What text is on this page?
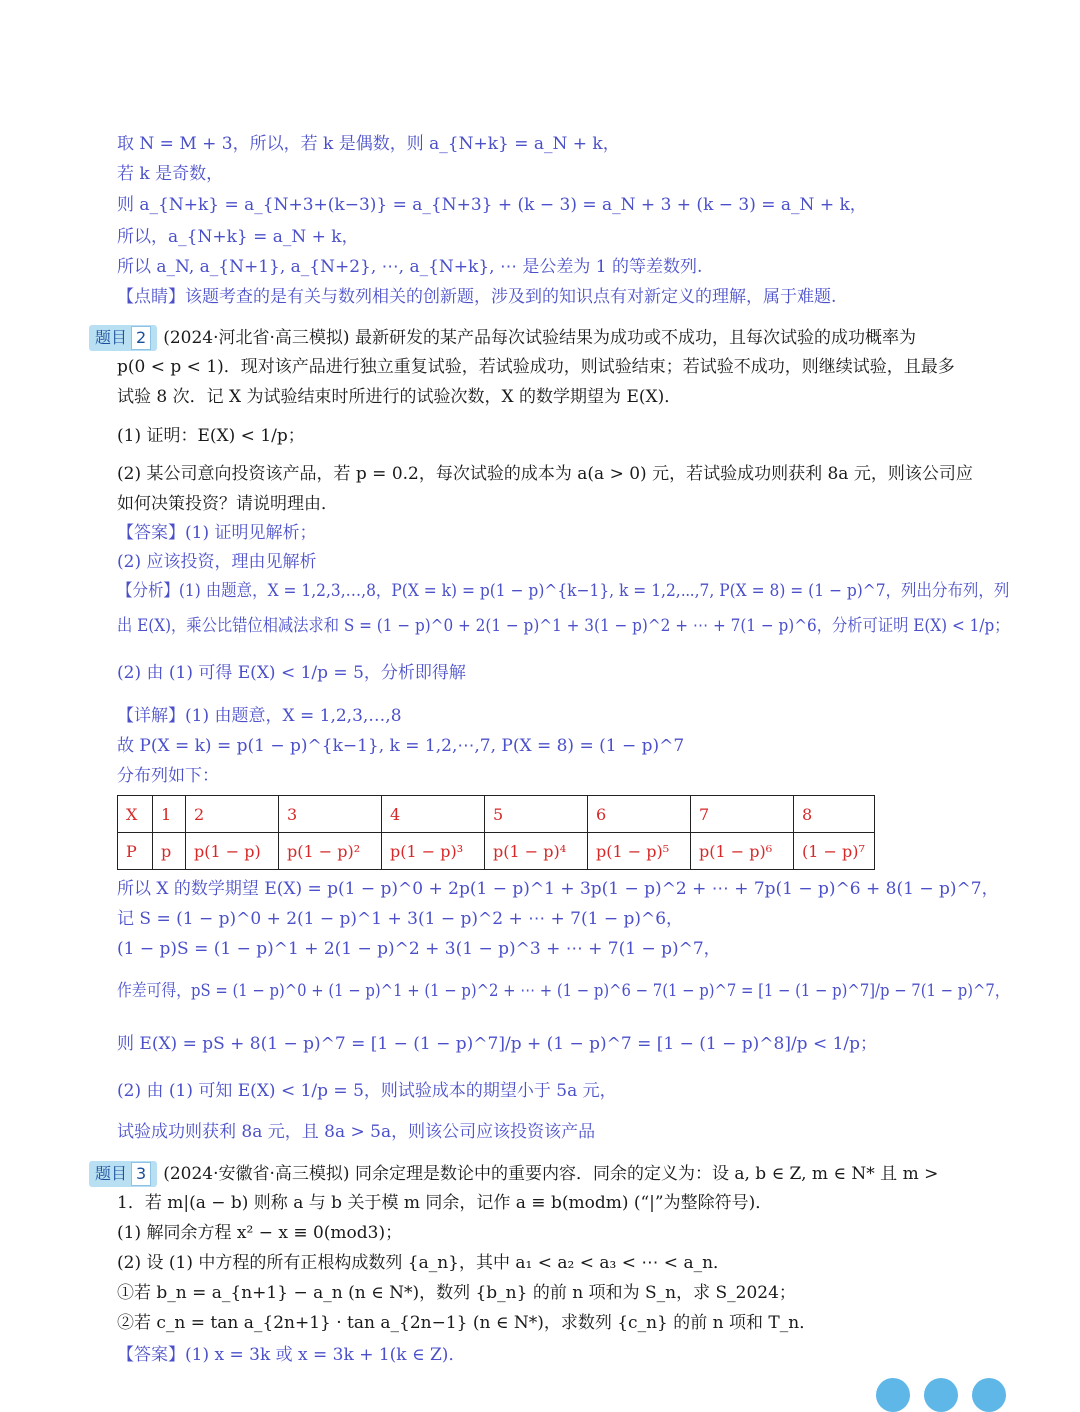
取 N = M + 3，所以，若 k 是偶数，则 a_{N+k} = a_N + k，
若 k 是奇数，
则 a_{N+k} = a_{N+3+(k−3)} = a_{N+3} + (k − 3) = a_N + 3 + (k − 3) = a_N + k，
所以，a_{N+k} = a_N + k，
所以 a_N, a_{N+1}, a_{N+2}, ⋯, a_{N+k}, ⋯ 是公差为 1 的等差数列.
【点睛】该题考查的是有关与数列相关的创新题，涉及到的知识点有对新定义的理解，属于难题.
题目 2 (2024·河北省·高三模拟) 最新研发的某产品每次试验结果为成功或不成功，且每次试验的成功概率为
p(0 < p < 1)．现对该产品进行独立重复试验，若试验成功，则试验结束；若试验不成功，则继续试验，且最多
试验 8 次．记 X 为试验结束时所进行的试验次数，X 的数学期望为 E(X)．
(1) 证明：E(X) < 1/p；
(2) 某公司意向投资该产品，若 p = 0.2，每次试验的成本为 a(a > 0) 元，若试验成功则获利 8a 元，则该公司应
如何决策投资？请说明理由．
【答案】(1) 证明见解析；
(2) 应该投资，理由见解析
【分析】(1) 由题意，X = 1,2,3,…,8，P(X = k) = p(1 − p)^{k−1}, k = 1,2,⋯,7, P(X = 8) = (1 − p)^7，列出分布列，列
出 E(X)，乘公比错位相减法求和 S = (1 − p)^0 + 2(1 − p)^1 + 3(1 − p)^2 + ⋯ + 7(1 − p)^6，分析可证明 E(X) < 1/p；
(2) 由 (1) 可得 E(X) < 1/p = 5，分析即得解
【详解】(1) 由题意，X = 1,2,3,…,8
故 P(X = k) = p(1 − p)^{k−1}, k = 1,2,⋯,7, P(X = 8) = (1 − p)^7
分布列如下：
X	1	2	3	4	5	6	7	8
P	p	p(1 − p)	p(1 − p)²	p(1 − p)³	p(1 − p)⁴	p(1 − p)⁵	p(1 − p)⁶	(1 − p)⁷
所以 X 的数学期望 E(X) = p(1 − p)^0 + 2p(1 − p)^1 + 3p(1 − p)^2 + ⋯ + 7p(1 − p)^6 + 8(1 − p)^7，
记 S = (1 − p)^0 + 2(1 − p)^1 + 3(1 − p)^2 + ⋯ + 7(1 − p)^6，
(1 − p)S = (1 − p)^1 + 2(1 − p)^2 + 3(1 − p)^3 + ⋯ + 7(1 − p)^7，
作差可得，pS = (1 − p)^0 + (1 − p)^1 + (1 − p)^2 + ⋯ + (1 − p)^6 − 7(1 − p)^7 = [1 − (1 − p)^7]/p − 7(1 − p)^7，
则 E(X) = pS + 8(1 − p)^7 = [1 − (1 − p)^7]/p + (1 − p)^7 = [1 − (1 − p)^8]/p < 1/p；
(2) 由 (1) 可知 E(X) < 1/p = 5，则试验成本的期望小于 5a 元，
试验成功则获利 8a 元，且 8a > 5a，则该公司应该投资该产品
题目 3 (2024·安徽省·高三模拟) 同余定理是数论中的重要内容．同余的定义为：设 a, b ∈ Z, m ∈ N* 且 m >
1．若 m|(a − b) 则称 a 与 b 关于模 m 同余，记作 a ≡ b(modm) (“|”为整除符号)．
(1) 解同余方程 x² − x ≡ 0(mod3)；
(2) 设 (1) 中方程的所有正根构成数列 {a_n}，其中 a₁ < a₂ < a₃ < ⋯ < a_n．
①若 b_n = a_{n+1} − a_n (n ∈ N*)，数列 {b_n} 的前 n 项和为 S_n，求 S_2024；
②若 c_n = tan a_{2n+1} · tan a_{2n−1} (n ∈ N*)，求数列 {c_n} 的前 n 项和 T_n．
【答案】(1) x = 3k 或 x = 3k + 1(k ∈ Z)．
